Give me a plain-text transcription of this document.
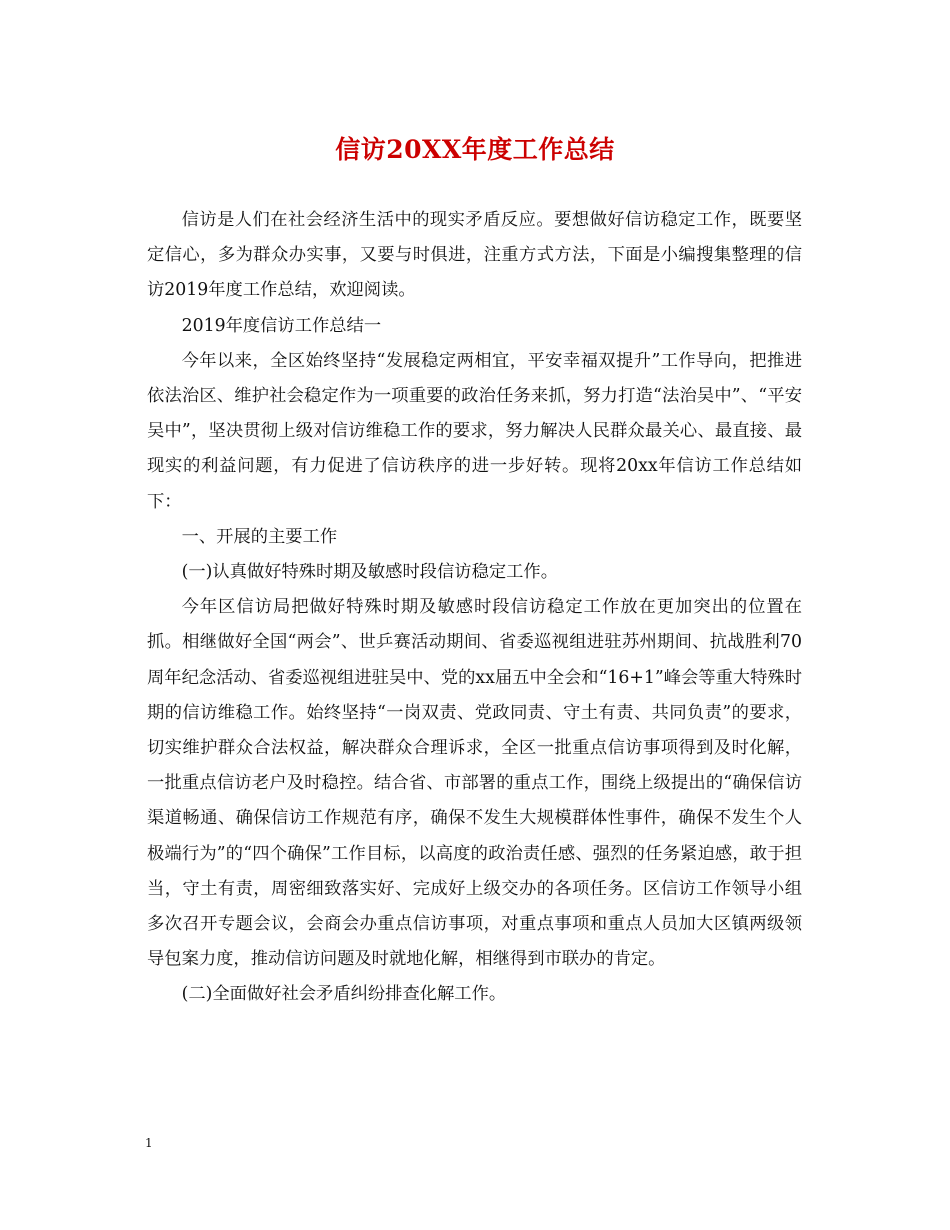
信访20XX年度工作总结

信访是人们在社会经济生活中的现实矛盾反应。要想做好信访稳定工作，既要坚定信心，多为群众办实事，又要与时俱进，注重方式方法，下面是小编搜集整理的信访2019年度工作总结，欢迎阅读。

2019年度信访工作总结一

今年以来，全区始终坚持“发展稳定两相宜，平安幸福双提升”工作导向，把推进依法治区、维护社会稳定作为一项重要的政治任务来抓，努力打造“法治吴中”、“平安吴中”，坚决贯彻上级对信访维稳工作的要求，努力解决人民群众最关心、最直接、最现实的利益问题，有力促进了信访秩序的进一步好转。现将20xx年信访工作总结如下：

一、开展的主要工作

(一)认真做好特殊时期及敏感时段信访稳定工作。

今年区信访局把做好特殊时期及敏感时段信访稳定工作放在更加突出的位置在抓。相继做好全国“两会”、世乒赛活动期间、省委巡视组进驻苏州期间、抗战胜利70周年纪念活动、省委巡视组进驻吴中、党的xx届五中全会和“16+1”峰会等重大特殊时期的信访维稳工作。始终坚持“一岗双责、党政同责、守土有责、共同负责”的要求，切实维护群众合法权益，解决群众合理诉求，全区一批重点信访事项得到及时化解，一批重点信访老户及时稳控。结合省、市部署的重点工作，围绕上级提出的“确保信访渠道畅通、确保信访工作规范有序，确保不发生大规模群体性事件，确保不发生个人极端行为”的“四个确保”工作目标，以高度的政治责任感、强烈的任务紧迫感，敢于担当，守土有责，周密细致落实好、完成好上级交办的各项任务。区信访工作领导小组多次召开专题会议，会商会办重点信访事项，对重点事项和重点人员加大区镇两级领导包案力度，推动信访问题及时就地化解，相继得到市联办的肯定。

(二)全面做好社会矛盾纠纷排查化解工作。

1
